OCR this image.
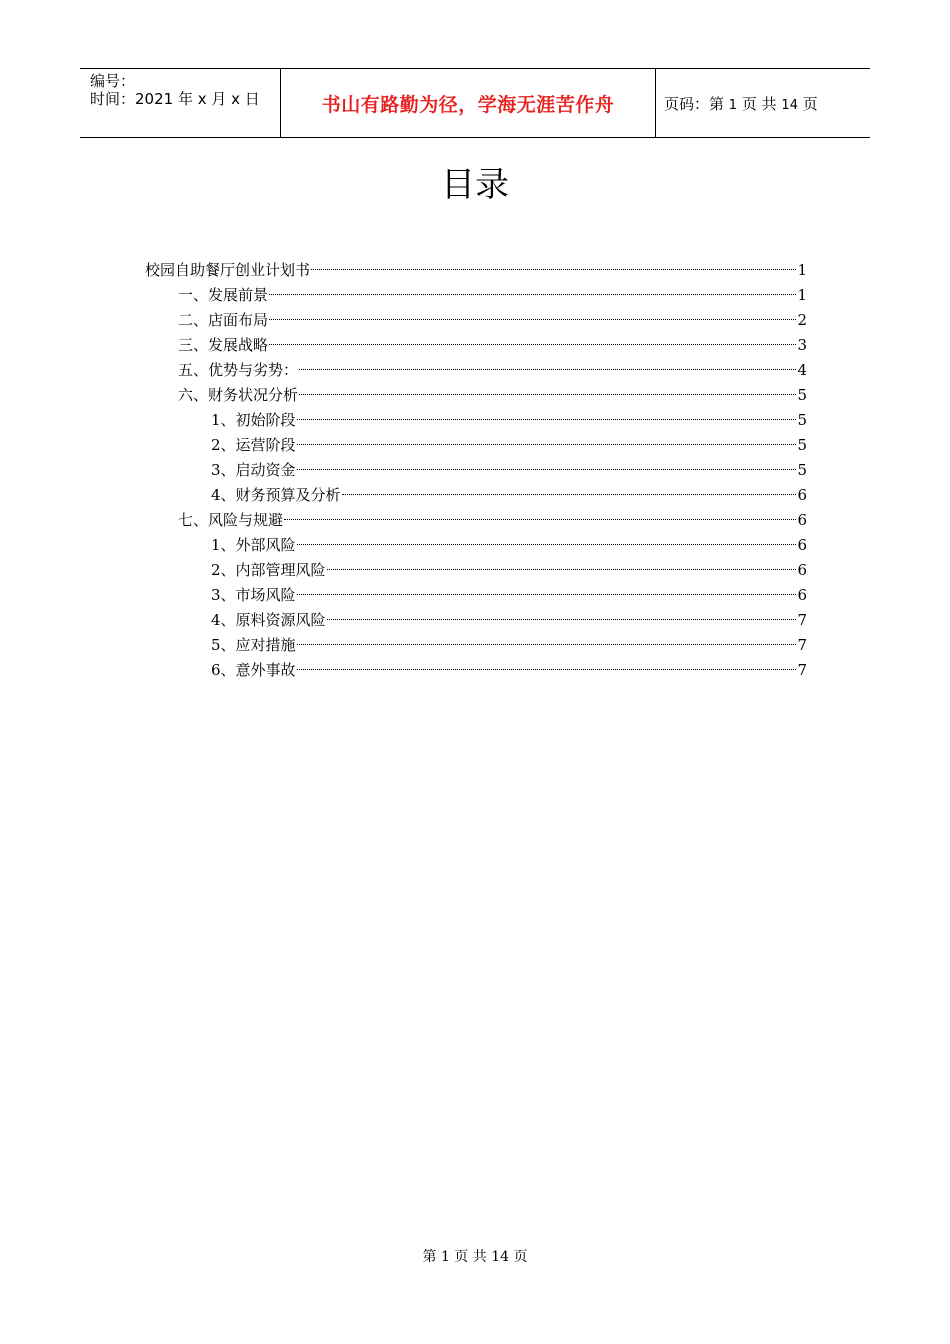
编号：
时间：2021 年 x 月 x 日	书山有路勤为径，学海无涯苦作舟	页码：第 1 页 共 14 页
目录
校园自助餐厅创业计划书	1
一、发展前景	1
二、店面布局	2
三、发展战略	3
五、优势与劣势：	4
六、财务状况分析	5
1、初始阶段	5
2、运营阶段	5
3、启动资金	5
4、财务预算及分析	6
七、风险与规避	6
1、外部风险	6
2、内部管理风险	6
3、市场风险	6
4、原料资源风险	7
5、应对措施	7
6、意外事故	7
第 1 页 共 14 页
